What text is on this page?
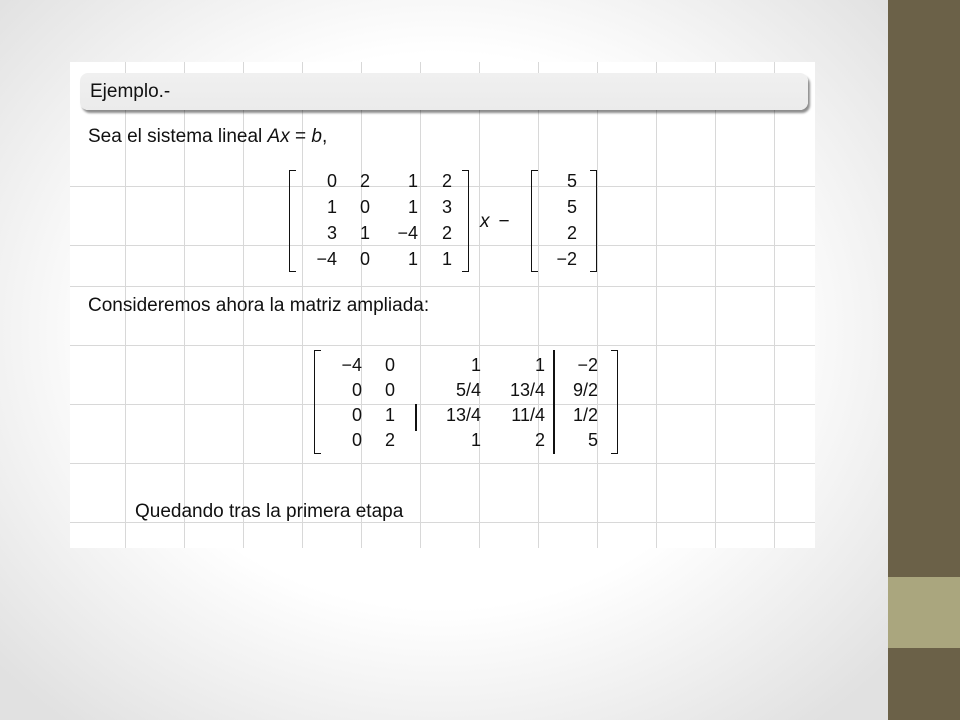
Ejemplo.-
Sea el sistema lineal Ax = b,
0	2	1	2
1	0	1	3
3	1	−4	2
−4	0	1	1
x −
5
5
2
−2
Consideremos ahora la matriz ampliada:
−4	0	1	1	−2
0	0	5/4	13/4	9/2
0	1	13/4	11/4	1/2
0	2	1	2	5
Quedando tras la primera etapa
